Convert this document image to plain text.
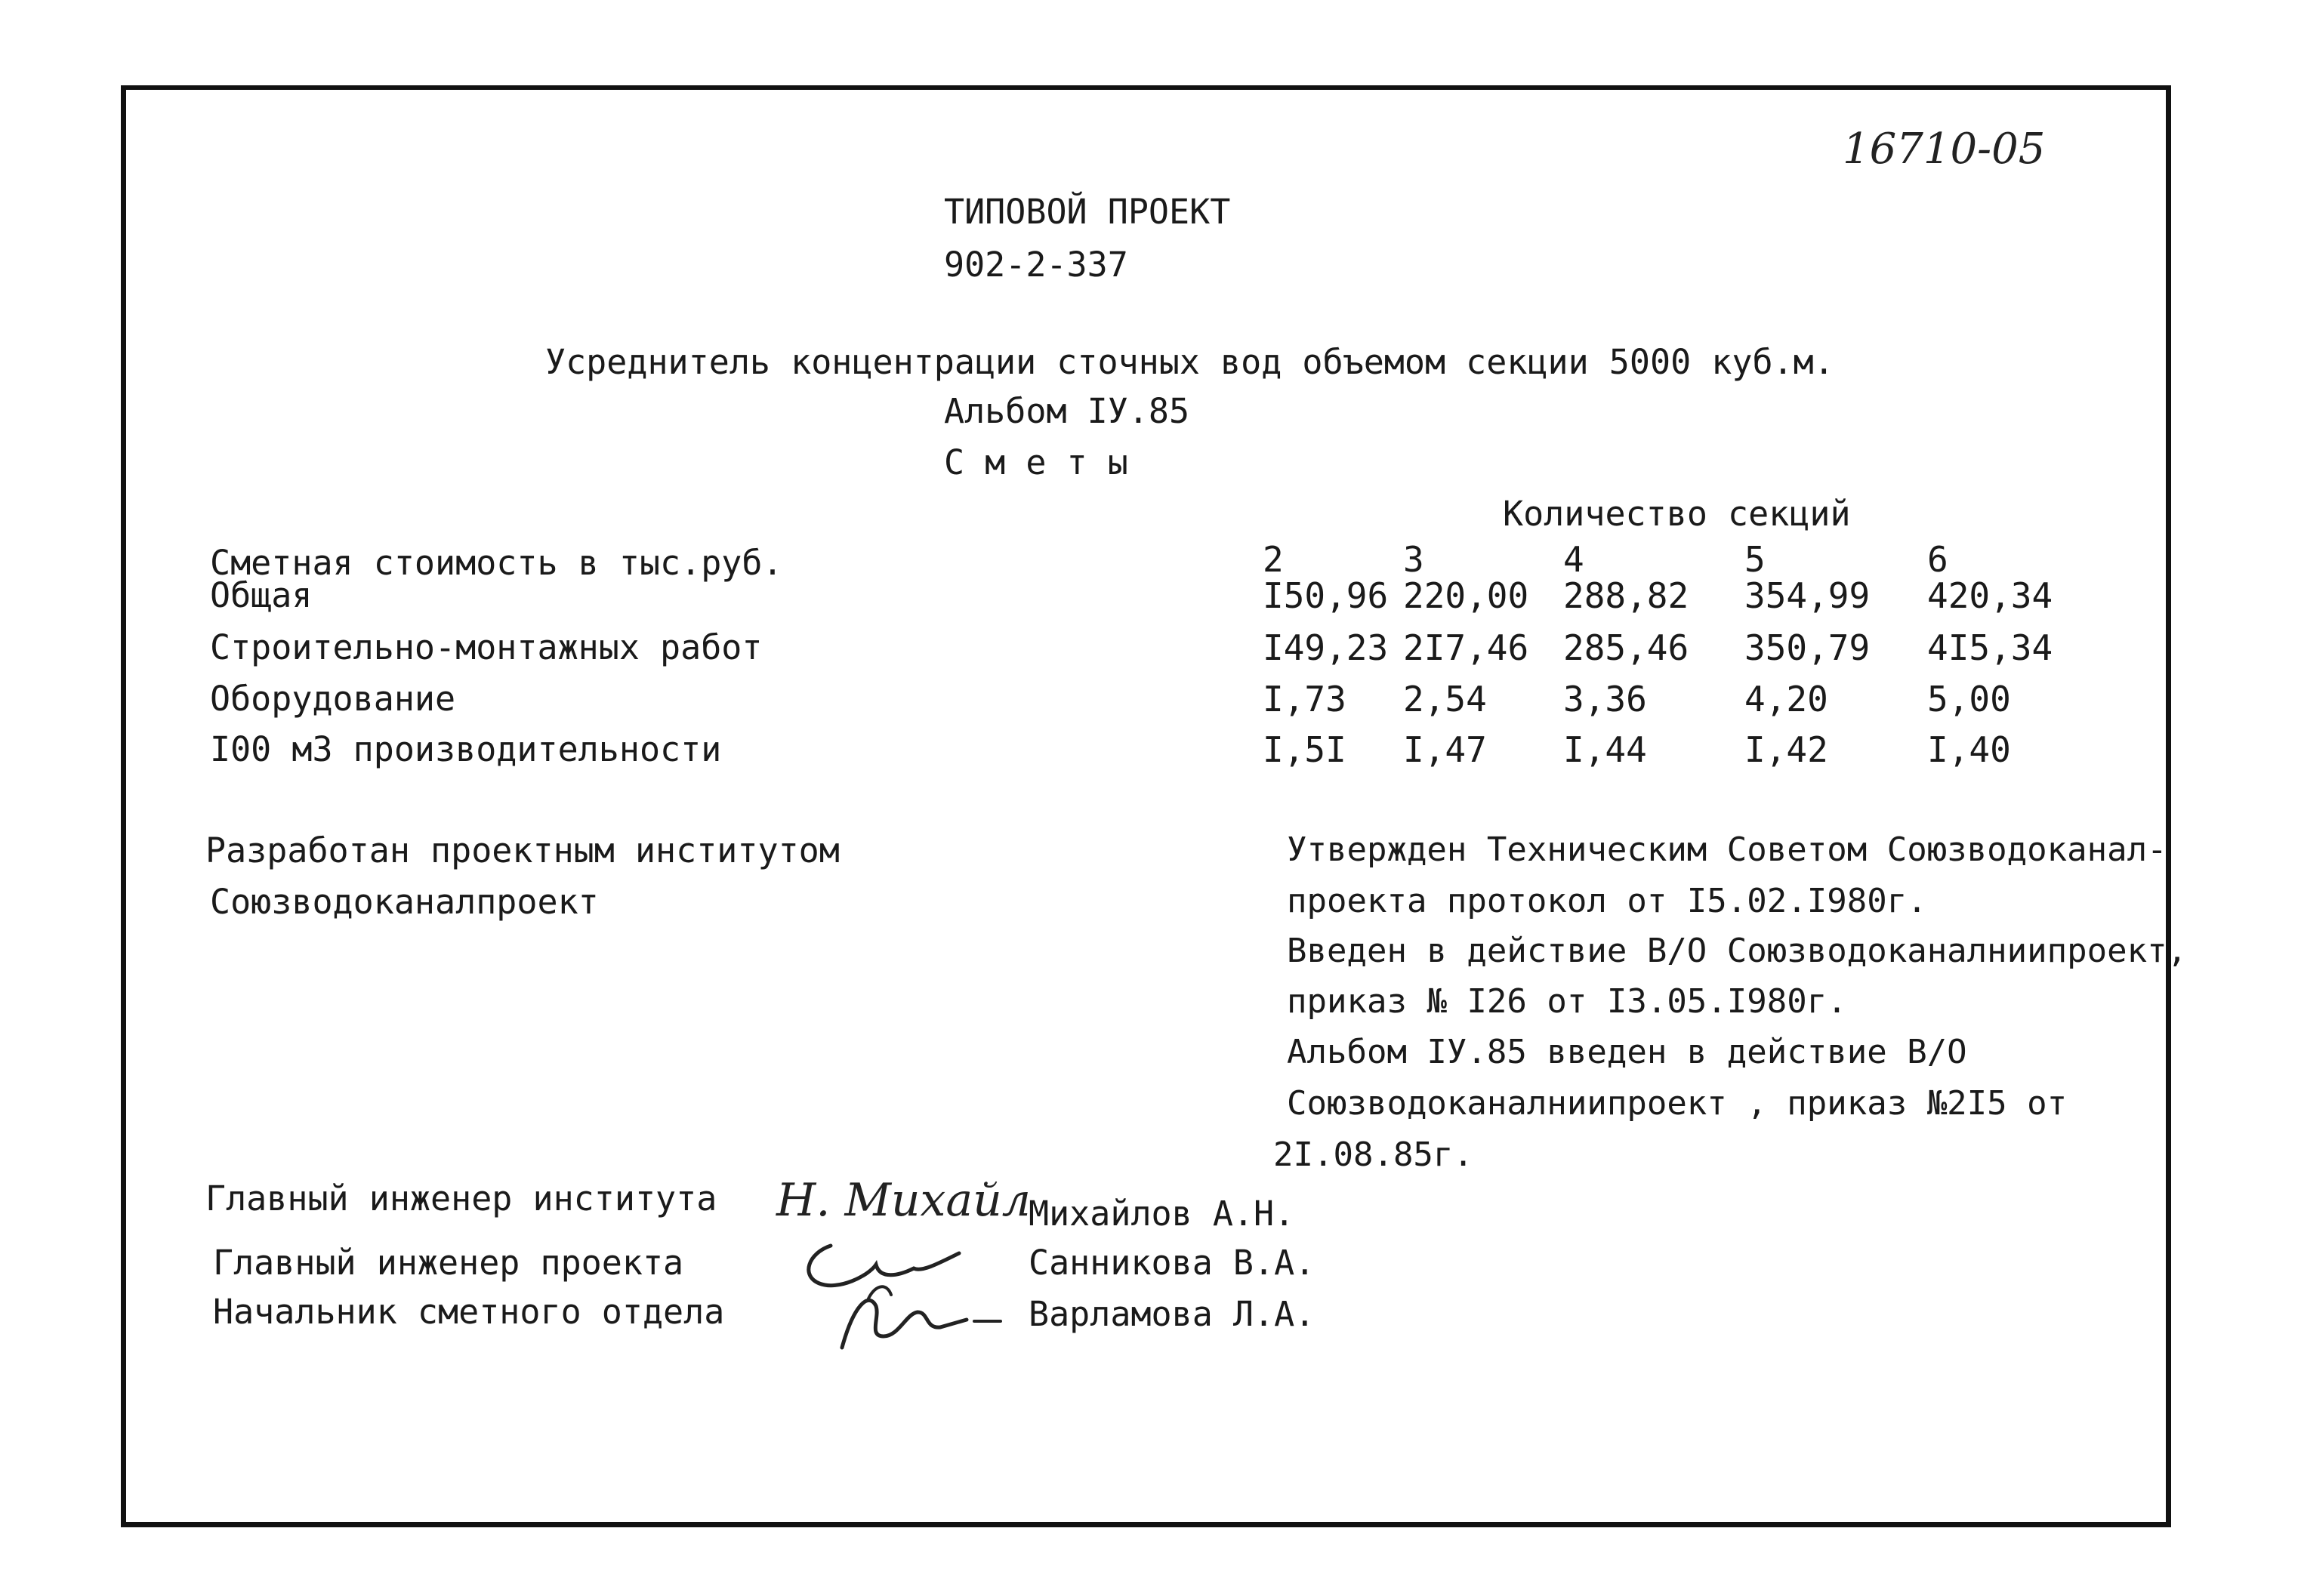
16710-05
ТИПОВОЙ ПРОЕКТ
902-2-337
Усреднитель концентрации сточных вод объемом секции 5000 куб.м.
Альбом IУ.85
С м е т ы
Количество секций
Сметная стоимость в тыс.руб.	2	3	4	5	6
Общая	I50,96 220,00 288,82 354,99 420,34
Строительно-монтажных работ	I49,23 2I7,46 285,46 350,79 4I5,34
Оборудование	I,73 2,54 3,36	4,20	5,00
I00 м3 производительности	I,5I I,47 I,44	I,42	I,40
Разработан проектным институтом
Союзводоканалпроект
Утвержден Техническим Советом Союзводоканал-
проекта протокол от I5.02.I980г.
Введен в действие В/О Союзводоканалниипроект,
приказ № I26 от I3.05.I980г.
Альбом IУ.85 введен в действие В/О
Союзводоканалниипроект , приказ №2I5 от
2I.08.85г.
Главный инженер института
Главный инженер проекта
Начальник сметного отдела
Н. Михайл
Михайлов А.Н.
Санникова В.А.
Варламова Л.А.
